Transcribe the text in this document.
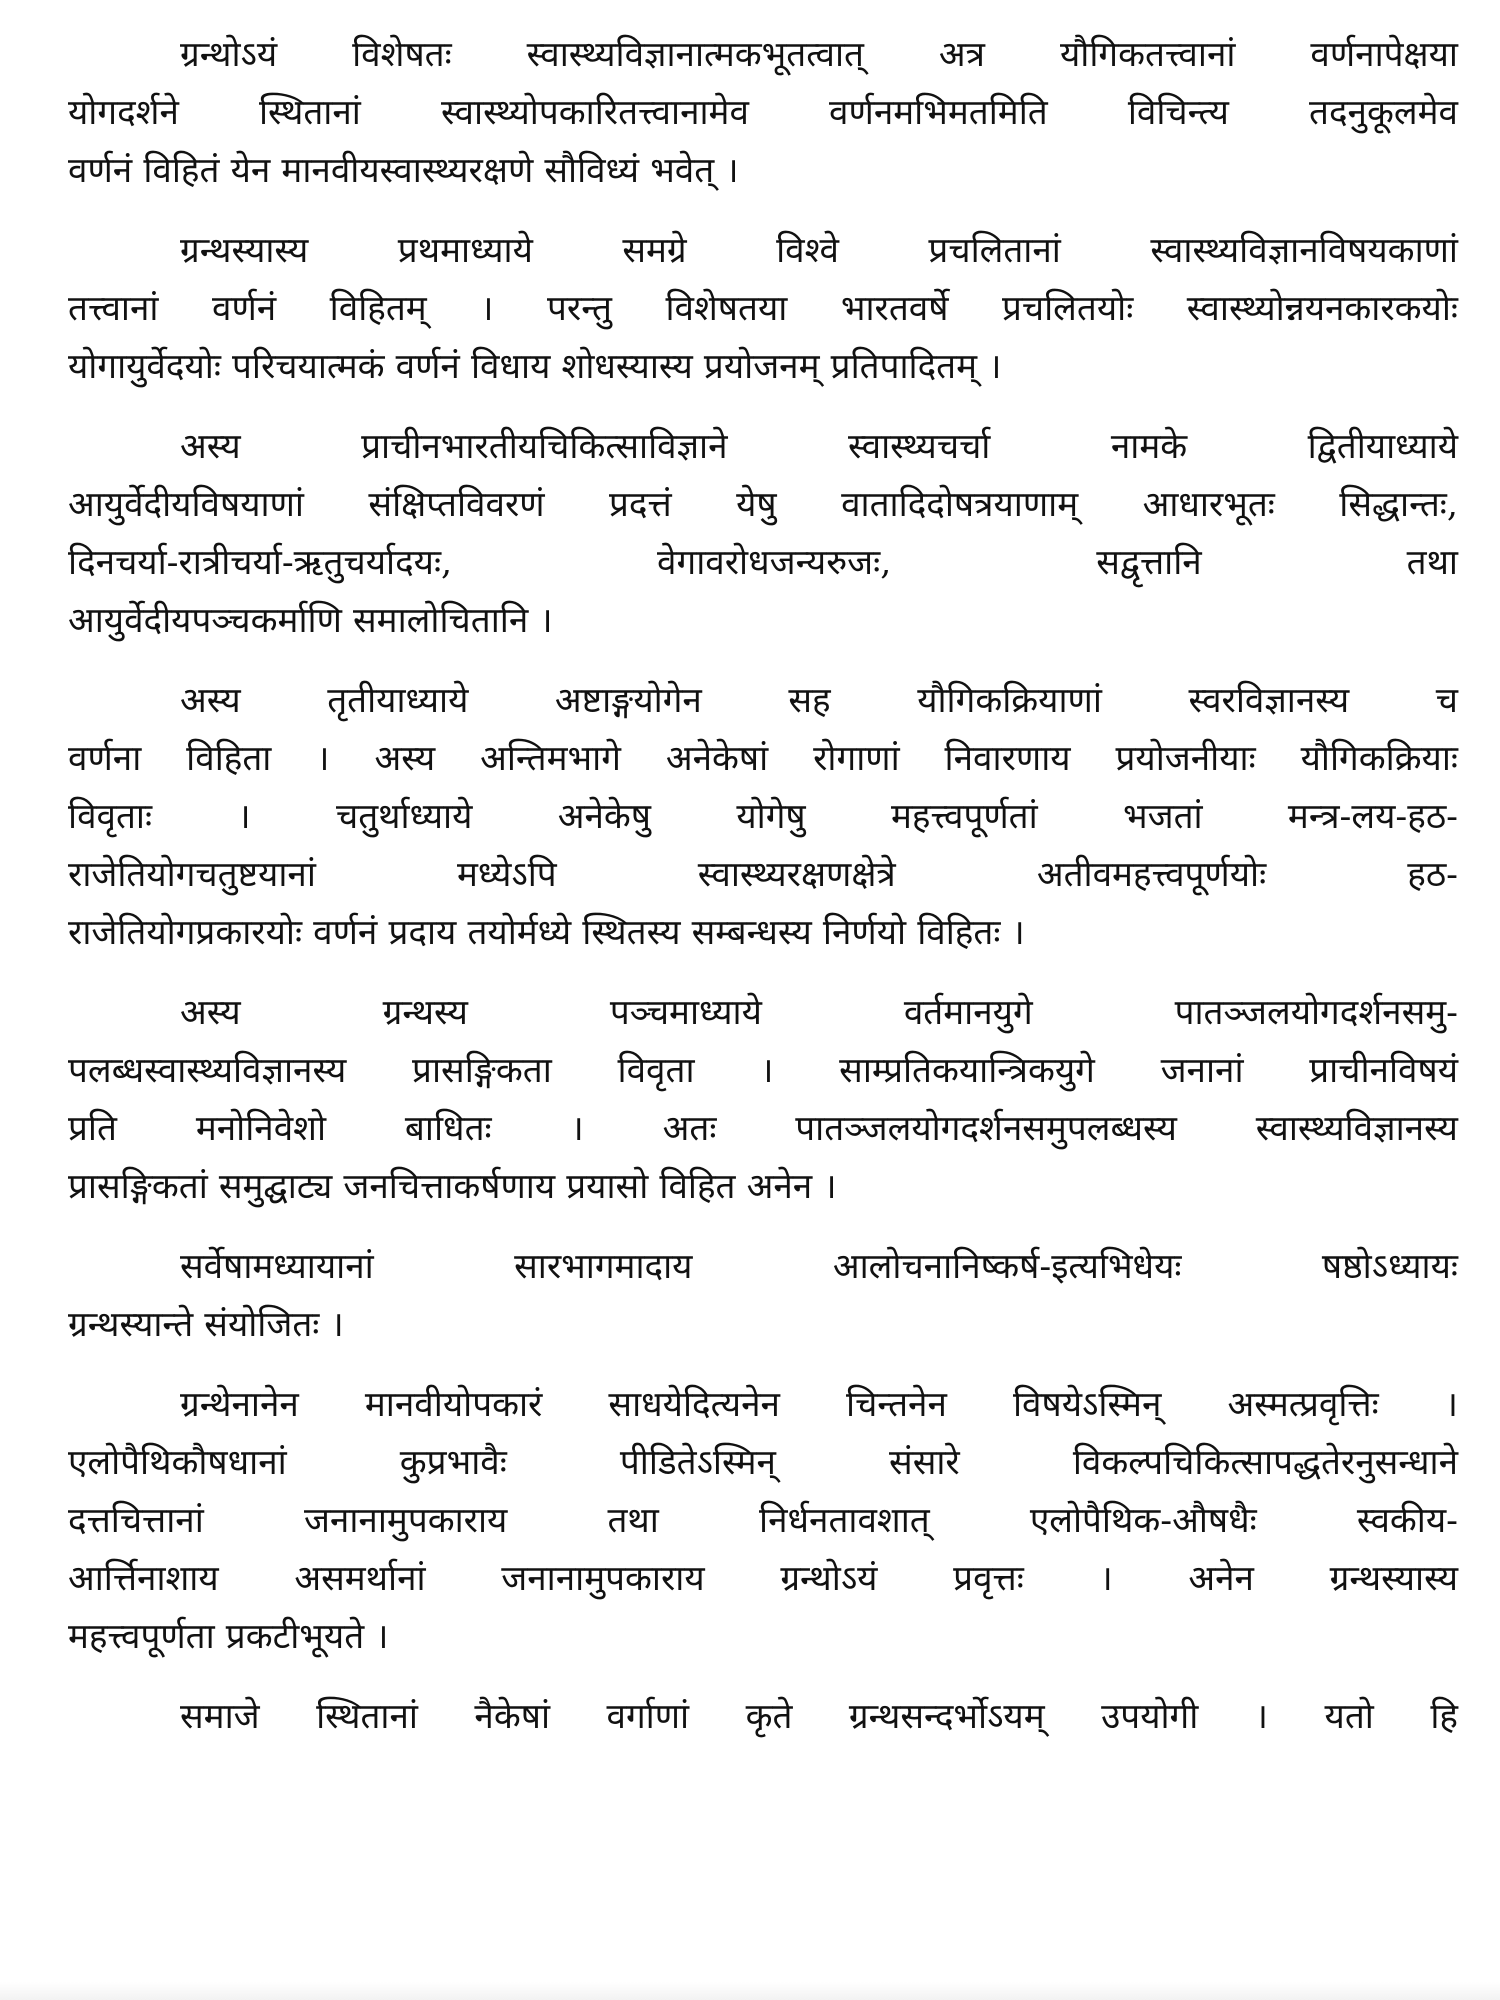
ग्रन्थोऽयं विशेषतः स्वास्थ्यविज्ञानात्मकभूतत्वात् अत्र यौगिकतत्त्वानां वर्णनापेक्षया
योगदर्शने स्थितानां स्वास्थ्योपकारितत्त्वानामेव वर्णनमभिमतमिति विचिन्त्य तदनुकूलमेव
वर्णनं विहितं येन मानवीयस्वास्थ्यरक्षणे सौविध्यं भवेत् ।

ग्रन्थस्यास्य प्रथमाध्याये समग्रे विश्वे प्रचलितानां स्वास्थ्यविज्ञानविषयकाणां
तत्त्वानां वर्णनं विहितम् । परन्तु विशेषतया भारतवर्षे प्रचलितयोः स्वास्थ्योन्नयनकारकयोः
योगायुर्वेदयोः परिचयात्मकं वर्णनं विधाय शोधस्यास्य प्रयोजनम् प्रतिपादितम् ।

अस्य प्राचीनभारतीयचिकित्साविज्ञाने स्वास्थ्यचर्चा नामके द्वितीयाध्याये
आयुर्वेदीयविषयाणां संक्षिप्तविवरणं प्रदत्तं येषु वातादिदोषत्रयाणाम् आधारभूतः सिद्धान्तः,
दिनचर्या-रात्रीचर्या-ऋतुचर्यादयः, वेगावरोधजन्यरुजः, सद्वृत्तानि तथा
आयुर्वेदीयपञ्चकर्माणि समालोचितानि ।

अस्य तृतीयाध्याये अष्टाङ्गयोगेन सह यौगिकक्रियाणां स्वरविज्ञानस्य च
वर्णना विहिता । अस्य अन्तिमभागे अनेकेषां रोगाणां निवारणाय प्रयोजनीयाः यौगिकक्रियाः
विवृताः । चतुर्थाध्याये अनेकेषु योगेषु महत्त्वपूर्णतां भजतां मन्त्र-लय-हठ-
राजेतियोगचतुष्टयानां मध्येऽपि स्वास्थ्यरक्षणक्षेत्रे अतीवमहत्त्वपूर्णयोः हठ-
राजेतियोगप्रकारयोः वर्णनं प्रदाय तयोर्मध्ये स्थितस्य सम्बन्धस्य निर्णयो विहितः ।

अस्य ग्रन्थस्य पञ्चमाध्याये वर्तमानयुगे पातञ्जलयोगदर्शनसमु-
पलब्धस्वास्थ्यविज्ञानस्य प्रासङ्गिकता विवृता । साम्प्रतिकयान्त्रिकयुगे जनानां प्राचीनविषयं
प्रति मनोनिवेशो बाधितः । अतः पातञ्जलयोगदर्शनसमुपलब्धस्य स्वास्थ्यविज्ञानस्य
प्रासङ्गिकतां समुद्घाट्य जनचित्ताकर्षणाय प्रयासो विहित अनेन ।

सर्वेषामध्यायानां सारभागमादाय आलोचनानिष्कर्ष-इत्यभिधेयः षष्ठोऽध्यायः
ग्रन्थस्यान्ते संयोजितः ।

ग्रन्थेनानेन मानवीयोपकारं साधयेदित्यनेन चिन्तनेन विषयेऽस्मिन् अस्मत्प्रवृत्तिः ।
एलोपैथिकौषधानां कुप्रभावैः पीडितेऽस्मिन् संसारे विकल्पचिकित्सापद्धतेरनुसन्धाने
दत्तचित्तानां जनानामुपकाराय तथा निर्धनतावशात् एलोपैथिक-औषधैः स्वकीय-
आर्त्तिनाशाय असमर्थानां जनानामुपकाराय ग्रन्थोऽयं प्रवृत्तः । अनेन ग्रन्थस्यास्य
महत्त्वपूर्णता प्रकटीभूयते ।

समाजे स्थितानां नैकेषां वर्गाणां कृते ग्रन्थसन्दर्भोऽयम् उपयोगी । यतो हि
